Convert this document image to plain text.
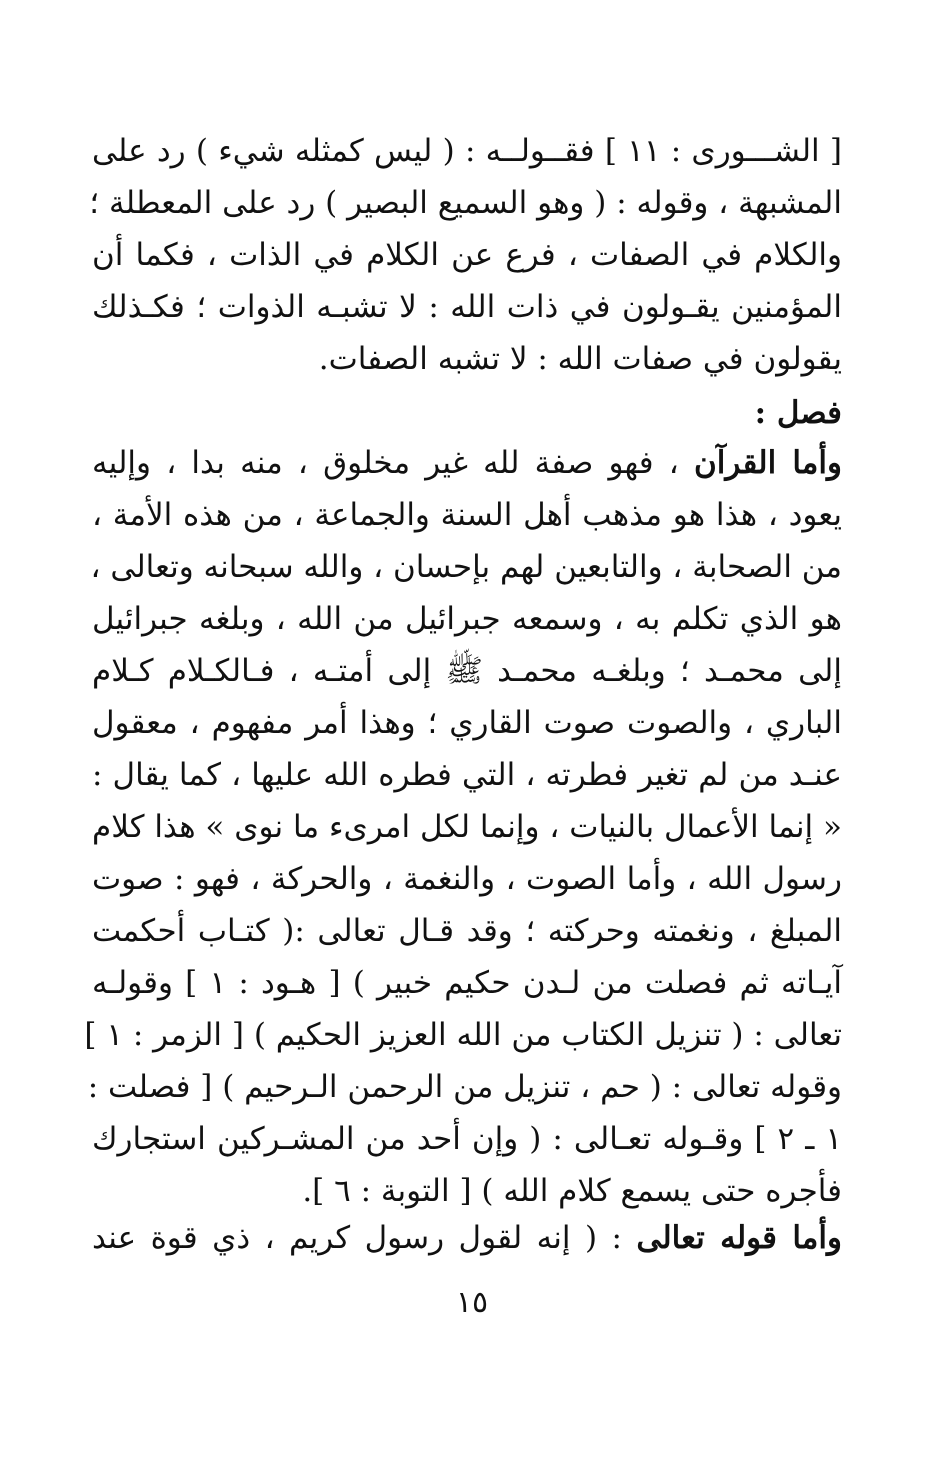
[ الشـــورى : ١١ ] فقــولــه : ( ليس كمثله شيء ) رد على
المشبهة ، وقوله : ( وهو السميع البصير ) رد على المعطلة ؛
والكلام في الصفات ، فرع عن الكلام في الذات ، فكما أن
المؤمنين يقـولون في ذات الله : لا تشبـه الذوات ؛ فكـذلك
يقولون في صفات الله : لا تشبه الصفات.
فصل :
وأما القرآن ، فهو صفة لله غير مخلوق ، منه بدا ، وإليه
يعود ، هذا هو مذهب أهل السنة والجماعة ، من هذه الأمة ،
من الصحابة ، والتابعين لهم بإحسان ، والله سبحانه وتعالى ،
هو الذي تكلم به ، وسمعه جبرائيل من الله ، وبلغه جبرائيل
إلى محمـد ؛ وبلغـه محمـد ﷺ إلى أمتـه ، فـالكـلام كـلام
الباري ، والصوت صوت القاري ؛ وهذا أمر مفهوم ، معقول
عنـد من لم تغير فطرته ، التي فطره الله عليها ، كما يقال :
« إنما الأعمال بالنيات ، وإنما لكل امرىء ما نوى » هذا كلام
رسول الله ، وأما الصوت ، والنغمة ، والحركة ، فهو : صوت
المبلغ ، ونغمته وحركته ؛ وقد قـال تعالى :( كتـاب أحكمت
آيـاته ثم فصلت من لـدن حكيم خبير ) [ هـود : ١ ] وقولـه
تعالى : ( تنزيل الكتاب من الله العزيز الحكيم ) [ الزمر : ١ ]
وقوله تعالى : ( حم ، تنزيل من الرحمن الـرحيم ) [ فصلت :
١ ـ ٢ ] وقـوله تعـالى : ( وإن أحد من المشـركين استجارك
فأجره حتى يسمع كلام الله ) [ التوبة : ٦ ].
وأما قوله تعالى : ( إنه لقول رسول كريم ، ذي قوة عند
١٥
